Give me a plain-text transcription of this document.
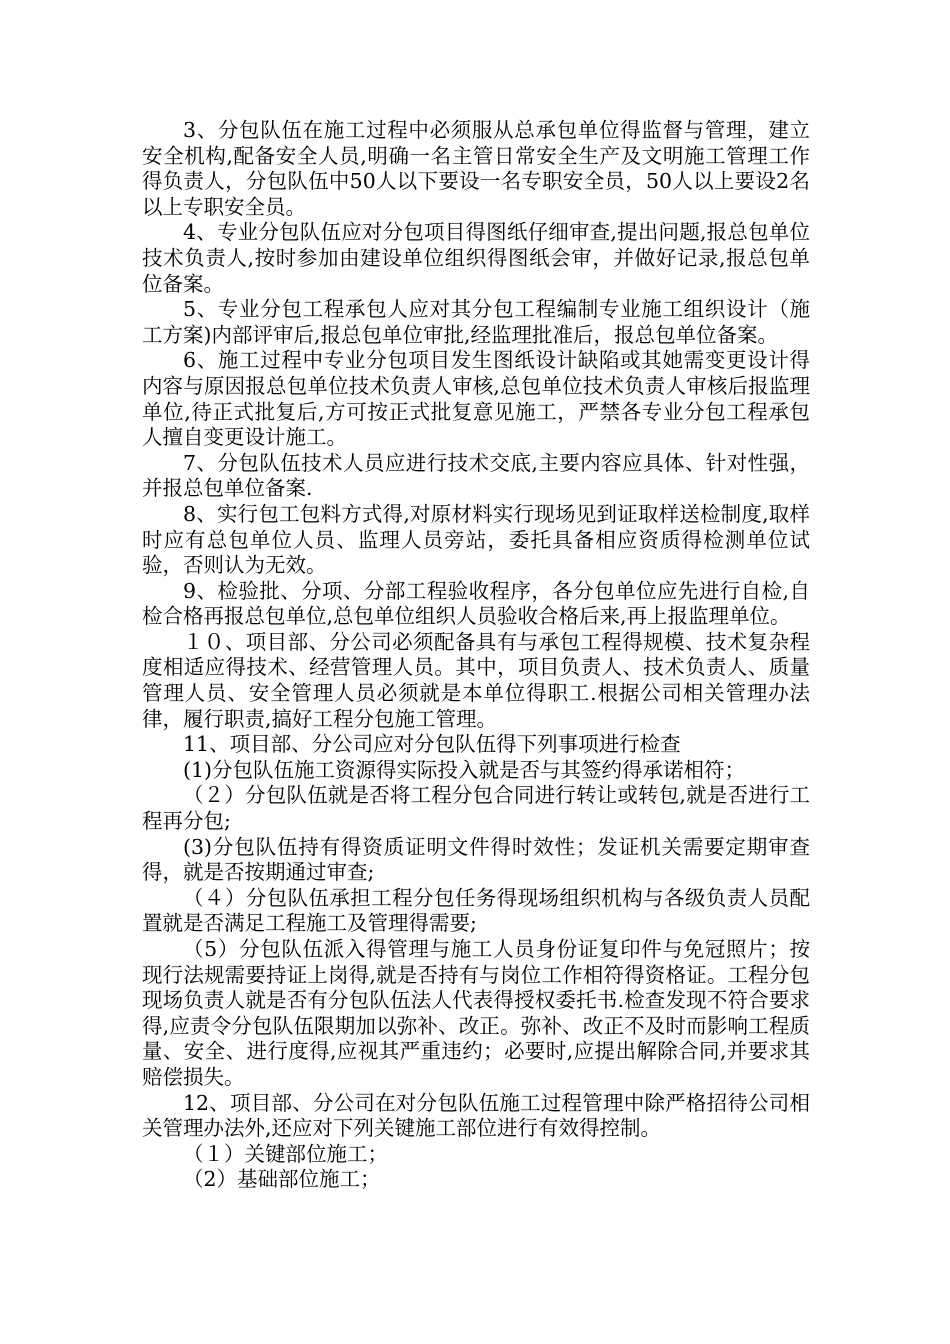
3、分包队伍在施工过程中必须服从总承包单位得监督与管理，建立安全机构,配备安全人员,明确一名主管日常安全生产及文明施工管理工作得负责人，分包队伍中50人以下要设一名专职安全员，50人以上要设2名以上专职安全员。

4、专业分包队伍应对分包项目得图纸仔细审查,提出问题,报总包单位技术负责人,按时参加由建设单位组织得图纸会审，并做好记录,报总包单位备案。

5、专业分包工程承包人应对其分包工程编制专业施工组织设计（施工方案)内部评审后,报总包单位审批,经监理批准后，报总包单位备案。

6、施工过程中专业分包项目发生图纸设计缺陷或其她需变更设计得内容与原因报总包单位技术负责人审核,总包单位技术负责人审核后报监理单位,待正式批复后,方可按正式批复意见施工，严禁各专业分包工程承包人擅自变更设计施工。

7、分包队伍技术人员应进行技术交底,主要内容应具体、针对性强，并报总包单位备案.

8、实行包工包料方式得,对原材料实行现场见到证取样送检制度,取样时应有总包单位人员、监理人员旁站，委托具备相应资质得检测单位试验，否则认为无效。

9、检验批、分项、分部工程验收程序，各分包单位应先进行自检,自检合格再报总包单位,总包单位组织人员验收合格后来,再上报监理单位。

１０、项目部、分公司必须配备具有与承包工程得规模、技术复杂程度相适应得技术、经营管理人员。其中，项目负责人、技术负责人、质量管理人员、安全管理人员必须就是本单位得职工.根据公司相关管理办法律，履行职责,搞好工程分包施工管理。

11、项目部、分公司应对分包队伍得下列事项进行检查

(1)分包队伍施工资源得实际投入就是否与其签约得承诺相符；

（２）分包队伍就是否将工程分包合同进行转让或转包,就是否进行工程再分包;

(3)分包队伍持有得资质证明文件得时效性；发证机关需要定期审查得，就是否按期通过审查;

（４）分包队伍承担工程分包任务得现场组织机构与各级负责人员配置就是否满足工程施工及管理得需要;

（5）分包队伍派入得管理与施工人员身份证复印件与免冠照片；按现行法规需要持证上岗得,就是否持有与岗位工作相符得资格证。工程分包现场负责人就是否有分包队伍法人代表得授权委托书.检查发现不符合要求得,应责令分包队伍限期加以弥补、改正。弥补、改正不及时而影响工程质量、安全、进行度得,应视其严重违约；必要时,应提出解除合同,并要求其赔偿损失。

12、项目部、分公司在对分包队伍施工过程管理中除严格招待公司相关管理办法外,还应对下列关键施工部位进行有效得控制。

（１）关键部位施工；

（2）基础部位施工；
